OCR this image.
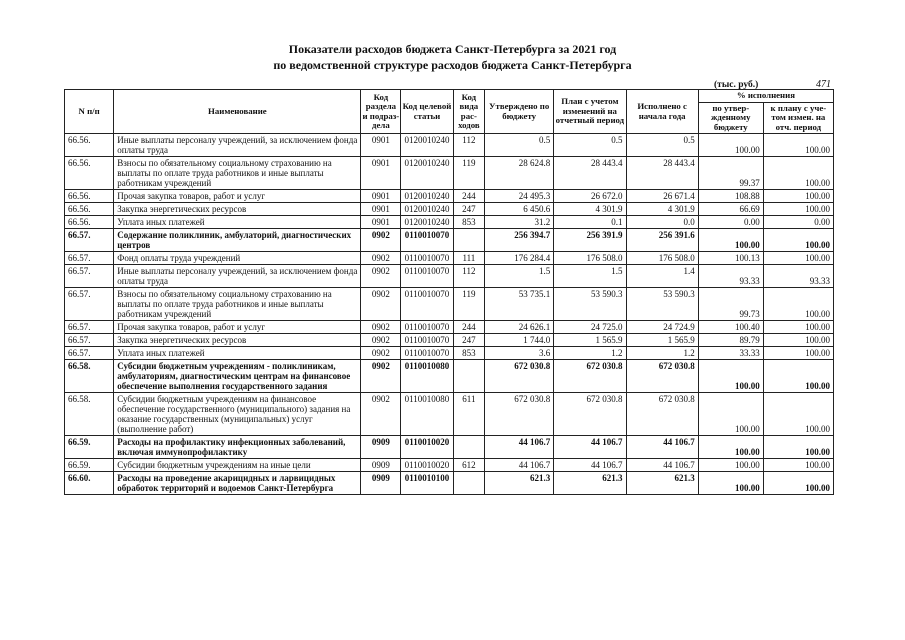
Показатели расходов бюджета Санкт-Петербурга за 2021 год
по ведомственной структуре расходов бюджета Санкт-Петербурга
(тыс. руб.)	471
N п/п	Наименование	Код раздела и подраз-дела	Код целевой статьи	Код вида рас-ходов	Утверждено по бюджету	План с учетом изменений на отчетный период	Исполнено с начала года	% исполнения	
								по утвер-жденному бюджету	к плану с уче-том измен. на отч. период
66.56.	Иные выплаты персоналу учреждений, за исключением фонда оплаты труда	0901	0120010240	112	0.5	0.5	0.5	100.00	100.00
66.56.	Взносы по обязательному социальному страхованию на выплаты по оплате труда работников и иные выплаты работникам учреждений	0901	0120010240	119	28 624.8	28 443.4	28 443.4	99.37	100.00
66.56.	Прочая закупка товаров, работ и услуг	0901	0120010240	244	24 495.3	26 672.0	26 671.4	108.88	100.00
66.56.	Закупка энергетических ресурсов	0901	0120010240	247	6 450.6	4 301.9	4 301.9	66.69	100.00
66.56.	Уплата иных платежей	0901	0120010240	853	31.2	0.1	0.0	0.00	0.00
66.57.	Содержание поликлиник, амбулаторий, диагностических центров	0902	0110010070		256 394.7	256 391.9	256 391.6	100.00	100.00
66.57.	Фонд оплаты труда учреждений	0902	0110010070	111	176 284.4	176 508.0	176 508.0	100.13	100.00
66.57.	Иные выплаты персоналу учреждений, за исключением фонда оплаты труда	0902	0110010070	112	1.5	1.5	1.4	93.33	93.33
66.57.	Взносы по обязательному социальному страхованию на выплаты по оплате труда работников и иные выплаты работникам учреждений	0902	0110010070	119	53 735.1	53 590.3	53 590.3	99.73	100.00
66.57.	Прочая закупка товаров, работ и услуг	0902	0110010070	244	24 626.1	24 725.0	24 724.9	100.40	100.00
66.57.	Закупка энергетических ресурсов	0902	0110010070	247	1 744.0	1 565.9	1 565.9	89.79	100.00
66.57.	Уплата иных платежей	0902	0110010070	853	3.6	1.2	1.2	33.33	100.00
66.58.	Субсидии бюджетным учреждениям - поликлиникам, амбулаториям, диагностическим центрам на финансовое обеспечение выполнения государственного задания	0902	0110010080		672 030.8	672 030.8	672 030.8	100.00	100.00
66.58.	Субсидии бюджетным учреждениям на финансовое обеспечение государственного (муниципального) задания на оказание государственных (муниципальных) услуг (выполнение работ)	0902	0110010080	611	672 030.8	672 030.8	672 030.8	100.00	100.00
66.59.	Расходы на профилактику инфекционных заболеваний, включая иммунопрофилактику	0909	0110010020		44 106.7	44 106.7	44 106.7	100.00	100.00
66.59.	Субсидии бюджетным учреждениям на иные цели	0909	0110010020	612	44 106.7	44 106.7	44 106.7	100.00	100.00
66.60.	Расходы на проведение акарицидных и ларвицидных обработок территорий и водоемов Санкт-Петербурга	0909	0110010100		621.3	621.3	621.3	100.00	100.00
